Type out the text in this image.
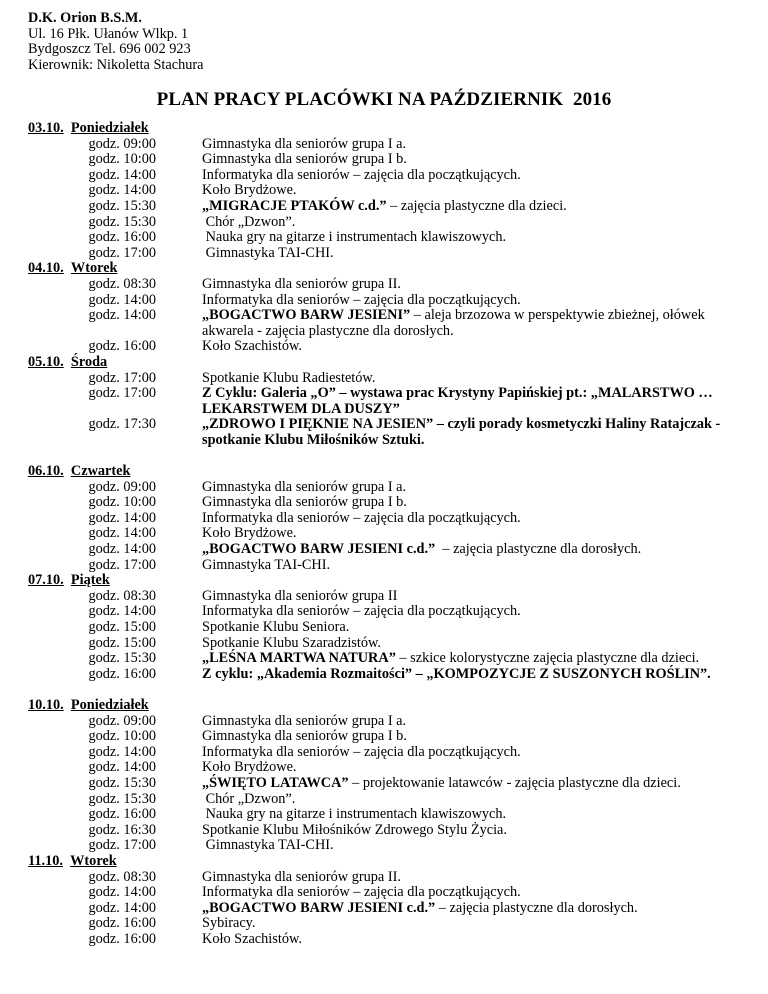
D.K. Orion B.S.M.
Ul. 16 Płk. Ułanów Wlkp. 1
Bydgoszcz Tel. 696 002 923
Kierownik: Nikoletta Stachura
PLAN PRACY PLACÓWKI NA PAŹDZIERNIK  2016
03.10. Poniedziałek
godz. 09:00	Gimnastyka dla seniorów grupa I a.
godz. 10:00	Gimnastyka dla seniorów grupa I b.
godz. 14:00	Informatyka dla seniorów – zajęcia dla początkujących.
godz. 14:00	Koło Brydżowe.
godz. 15:30	„MIGRACJE PTAKÓW c.d.” – zajęcia plastyczne dla dzieci.
godz. 15:30	Chór „Dzwon”.
godz. 16:00	Nauka gry na gitarze i instrumentach klawiszowych.
godz. 17:00	Gimnastyka TAI-CHI.
04.10. Wtorek
godz. 08:30	Gimnastyka dla seniorów grupa II.
godz. 14:00	Informatyka dla seniorów – zajęcia dla początkujących.
godz. 14:00	„BOGACTWO BARW JESIENI” – aleja brzozowa w perspektywie zbieżnej, ołówek akwarela - zajęcia plastyczne dla dorosłych.
godz. 16:00	Koło Szachistów.
05.10. Środa
godz. 17:00	Spotkanie Klubu Radiestetów.
godz. 17:00	Z Cyklu: Galeria „O” – wystawa prac Krystyny Papińskiej pt.: „MALARSTWO … LEKARSTWEM DLA DUSZY”
godz. 17:30	„ZDROWO I PIĘKNIE NA JESIEN” – czyli porady kosmetyczki Haliny Ratajczak -spotkanie Klubu Miłośników Sztuki.
06.10. Czwartek
godz. 09:00	Gimnastyka dla seniorów grupa I a.
godz. 10:00	Gimnastyka dla seniorów grupa I b.
godz. 14:00	Informatyka dla seniorów – zajęcia dla początkujących.
godz. 14:00	Koło Brydżowe.
godz. 14:00	„BOGACTWO BARW JESIENI c.d.”  – zajęcia plastyczne dla dorosłych.
godz. 17:00	Gimnastyka TAI-CHI.
07.10. Piątek
godz. 08:30	Gimnastyka dla seniorów grupa II
godz. 14:00	Informatyka dla seniorów – zajęcia dla początkujących.
godz. 15:00	Spotkanie Klubu Seniora.
godz. 15:00	Spotkanie Klubu Szaradzistów.
godz. 15:30	„LEŚNA MARTWA NATURA” – szkice kolorystyczne zajęcia plastyczne dla dzieci.
godz. 16:00	Z cyklu: „Akademia Rozmaitości” – „KOMPOZYCJE Z SUSZONYCH ROŚLIN”.
10.10. Poniedziałek
godz. 09:00	Gimnastyka dla seniorów grupa I a.
godz. 10:00	Gimnastyka dla seniorów grupa I b.
godz. 14:00	Informatyka dla seniorów – zajęcia dla początkujących.
godz. 14:00	Koło Brydżowe.
godz. 15:30	„ŚWIĘTO LATAWCA” – projektowanie latawców - zajęcia plastyczne dla dzieci.
godz. 15:30	Chór „Dzwon”.
godz. 16:00	Nauka gry na gitarze i instrumentach klawiszowych.
godz. 16:30	Spotkanie Klubu Miłośników Zdrowego Stylu Życia.
godz. 17:00	Gimnastyka TAI-CHI.
11.10. Wtorek
godz. 08:30	Gimnastyka dla seniorów grupa II.
godz. 14:00	Informatyka dla seniorów – zajęcia dla początkujących.
godz. 14:00	„BOGACTWO BARW JESIENI c.d.” – zajęcia plastyczne dla dorosłych.
godz. 16:00	Sybiracy.
godz. 16:00	Koło Szachistów.
